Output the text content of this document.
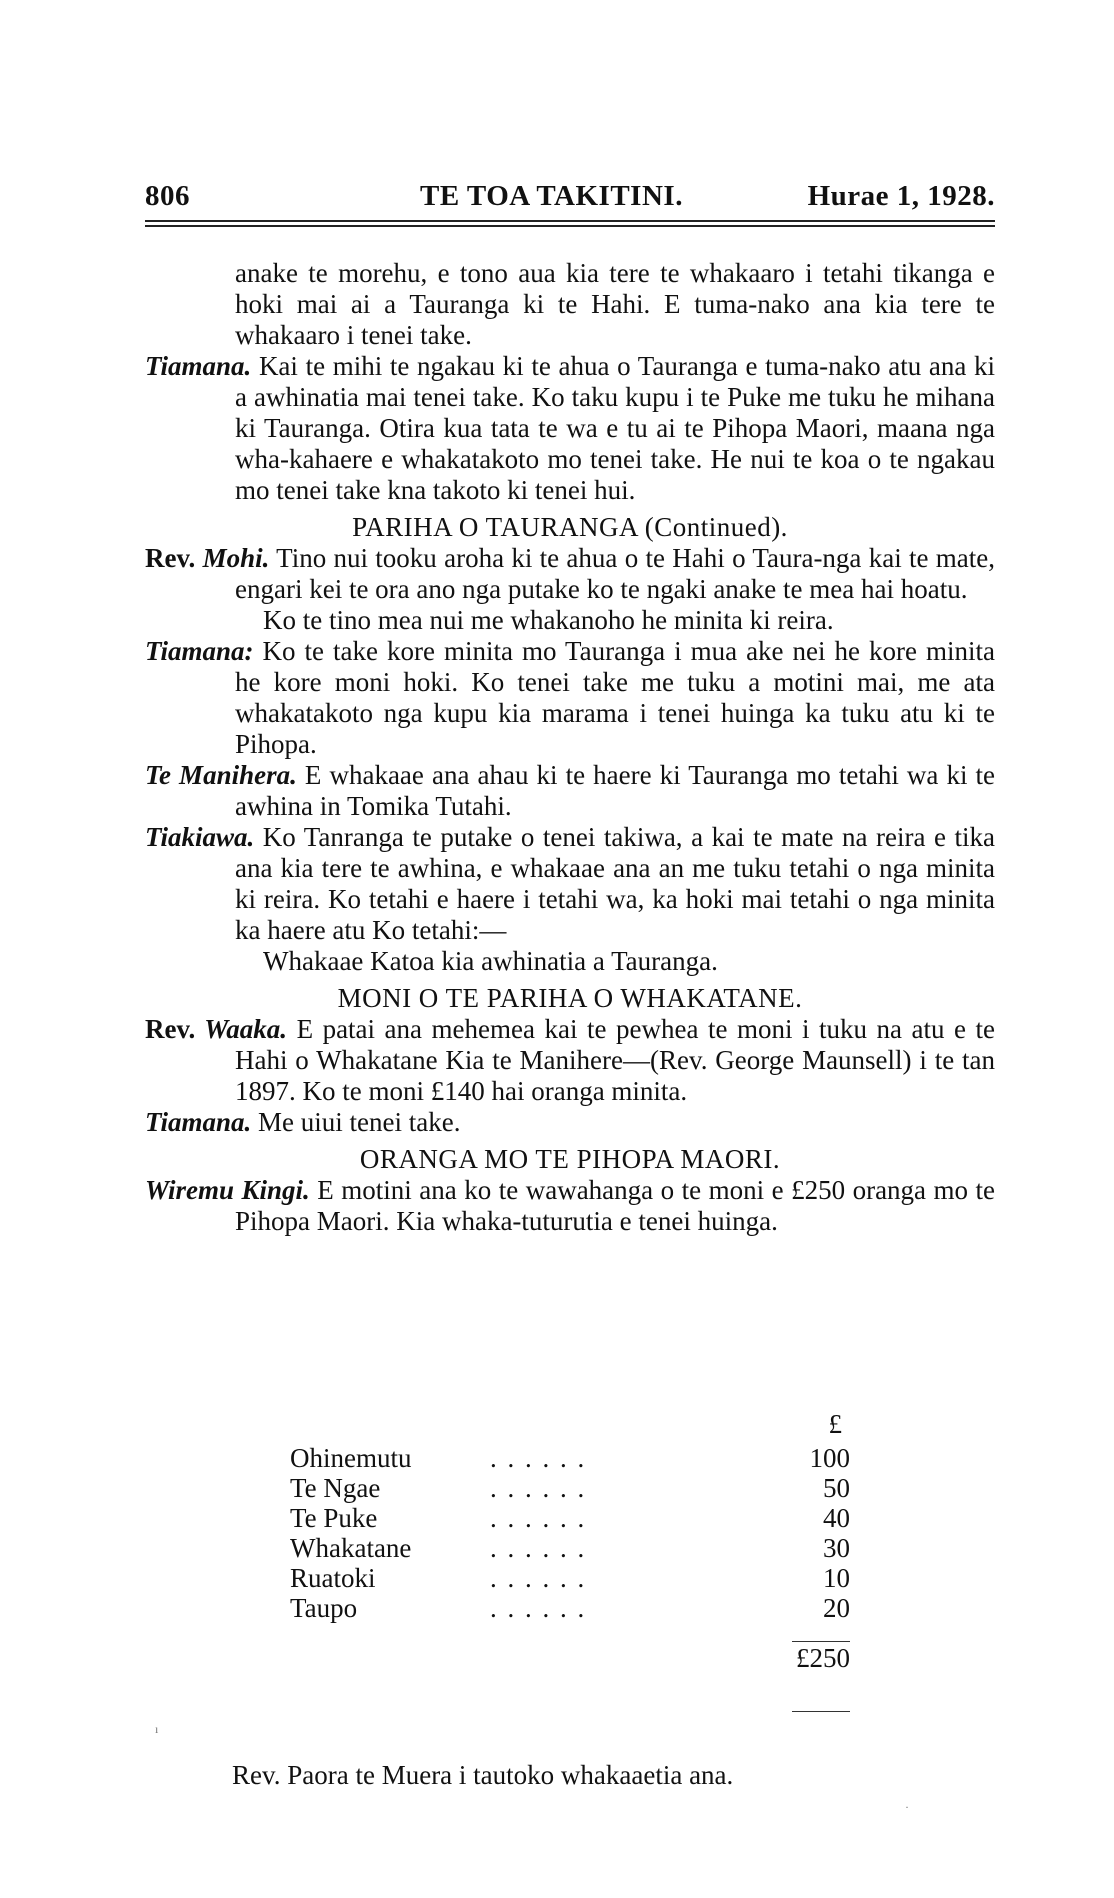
806	TE TOA TAKITINI.	Hurae 1, 1928.

anake te morehu, e tono aua kia tere te whakaaro i tetahi tikanga e hoki mai ai a Tauranga ki te Hahi. E tuma-nako ana kia tere te whakaaro i tenei take.

Tiamana. Kai te mihi te ngakau ki te ahua o Tauranga e tuma-nako atu ana ki a awhinatia mai tenei take. Ko taku kupu i te Puke me tuku he mihana ki Tauranga. Otira kua tata te wa e tu ai te Pihopa Maori, maana nga wha-kahaere e whakatakoto mo tenei take. He nui te koa o te ngakau mo tenei take kna takoto ki tenei hui.

PARIHA O TAURANGA (Continued).

Rev. Mohi. Tino nui tooku aroha ki te ahua o te Hahi o Taura-nga kai te mate, engari kei te ora ano nga putake ko te ngaki anake te mea hai hoatu.

Ko te tino mea nui me whakanoho he minita ki reira.

Tiamana: Ko te take kore minita mo Tauranga i mua ake nei he kore minita he kore moni hoki. Ko tenei take me tuku a motini mai, me ata whakatakoto nga kupu kia marama i tenei huinga ka tuku atu ki te Pihopa.

Te Manihera. E whakaae ana ahau ki te haere ki Tauranga mo tetahi wa ki te awhina in Tomika Tutahi.

Tiakiawa. Ko Tanranga te putake o tenei takiwa, a kai te mate na reira e tika ana kia tere te awhina, e whakaae ana an me tuku tetahi o nga minita ki reira. Ko tetahi e haere i tetahi wa, ka hoki mai tetahi o nga minita ka haere atu Ko tetahi:—

Whakaae Katoa kia awhinatia a Tauranga.

MONI O TE PARIHA O WHAKATANE.

Rev. Waaka. E patai ana mehemea kai te pewhea te moni i tuku na atu e te Hahi o Whakatane Kia te Manihere—(Rev. George Maunsell) i te tan 1897. Ko te moni £140 hai oranga minita.

Tiamana. Me uiui tenei take.

ORANGA MO TE PIHOPA MAORI.

Wiremu Kingi. E motini ana ko te wawahanga o te moni e £250 oranga mo te Pihopa Maori. Kia whaka-tuturutia e tenei huinga.

£
Ohinemutu	. . . . . .	100
Te Ngae	. . . . . .	50
Te Puke	. . . . . .	40
Whakatane	. . . . . .	30
Ruatoki	. . . . . .	10
Taupo	. . . . . .	20
£250
Rev. Paora te Muera i tautoko whakaaetia ana.
ı
·
